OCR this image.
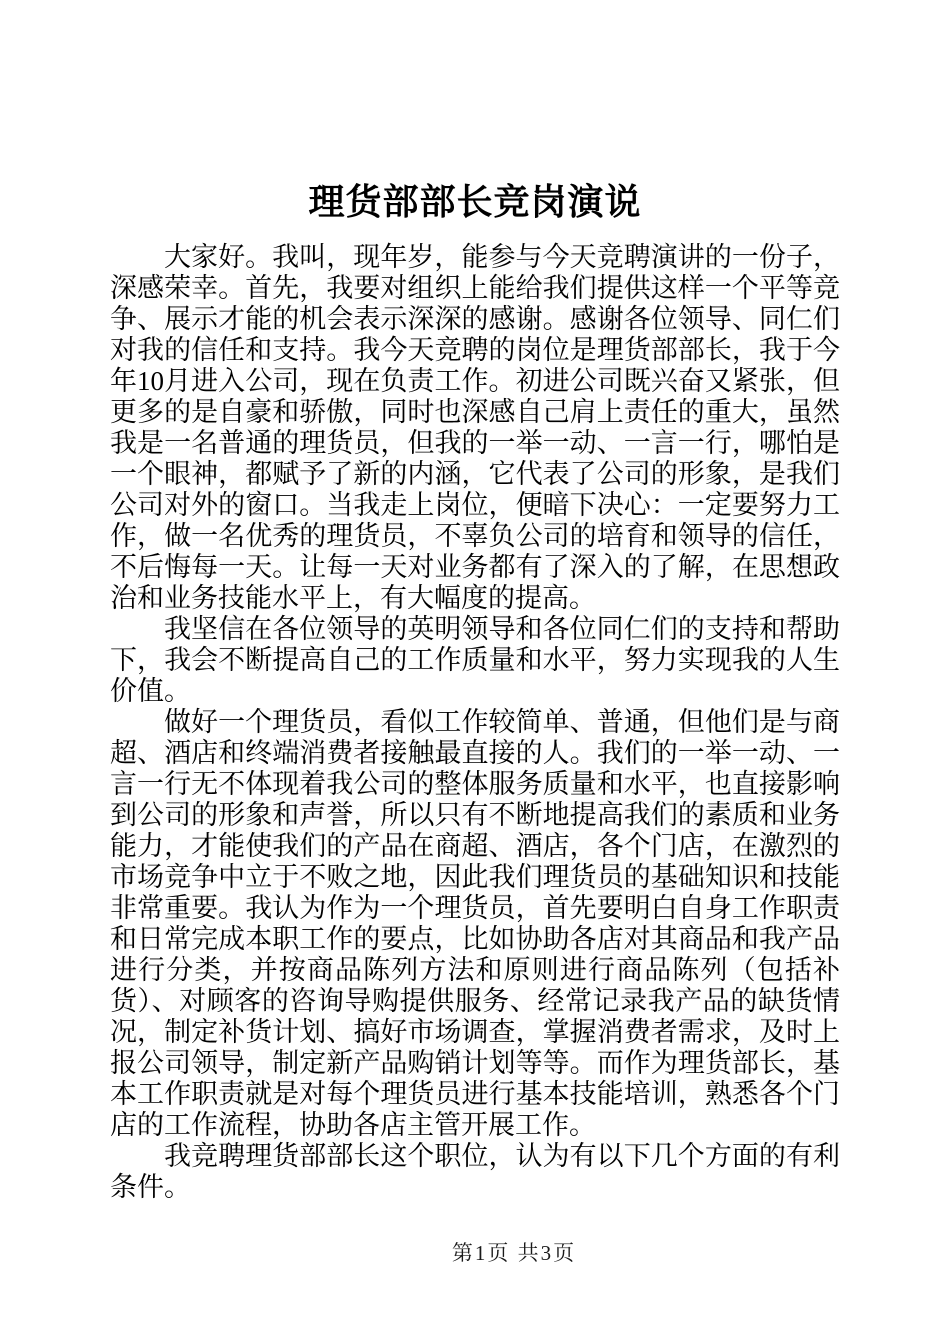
理货部部长竞岗演说

大家好。我叫，现年岁，能参与今天竞聘演讲的一份子，深感荣幸。首先，我要对组织上能给我们提供这样一个平等竞争、展示才能的机会表示深深的感谢。感谢各位领导、同仁们对我的信任和支持。我今天竞聘的岗位是理货部部长，我于今年10月进入公司，现在负责工作。初进公司既兴奋又紧张，但更多的是自豪和骄傲，同时也深感自己肩上责任的重大，虽然我是一名普通的理货员，但我的一举一动、一言一行，哪怕是一个眼神，都赋予了新的内涵，它代表了公司的形象，是我们公司对外的窗口。当我走上岗位，便暗下决心：一定要努力工作，做一名优秀的理货员，不辜负公司的培育和领导的信任，不后悔每一天。让每一天对业务都有了深入的了解，在思想政治和业务技能水平上，有大幅度的提高。

我坚信在各位领导的英明领导和各位同仁们的支持和帮助下，我会不断提高自己的工作质量和水平，努力实现我的人生价值。

做好一个理货员，看似工作较简单、普通，但他们是与商超、酒店和终端消费者接触最直接的人。我们的一举一动、一言一行无不体现着我公司的整体服务质量和水平，也直接影响到公司的形象和声誉，所以只有不断地提高我们的素质和业务能力，才能使我们的产品在商超、酒店，各个门店，在激烈的市场竞争中立于不败之地，因此我们理货员的基础知识和技能非常重要。我认为作为一个理货员，首先要明白自身工作职责和日常完成本职工作的要点，比如协助各店对其商品和我产品进行分类，并按商品陈列方法和原则进行商品陈列（包括补货）、对顾客的咨询导购提供服务、经常记录我产品的缺货情况，制定补货计划、搞好市场调查，掌握消费者需求，及时上报公司领导，制定新产品购销计划等等。而作为理货部长，基本工作职责就是对每个理货员进行基本技能培训，熟悉各个门店的工作流程，协助各店主管开展工作。

我竞聘理货部部长这个职位，认为有以下几个方面的有利条件。

第1页 共3页
